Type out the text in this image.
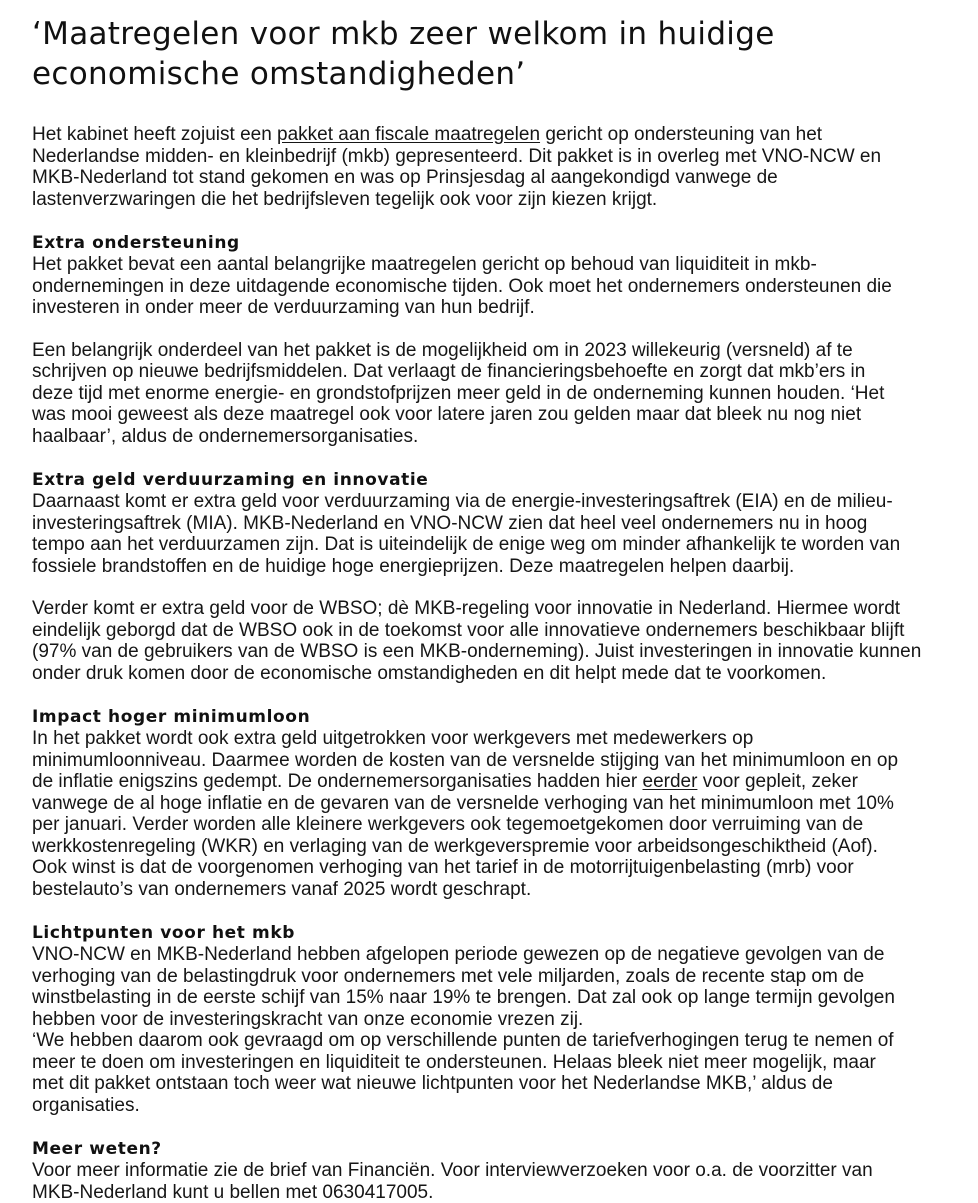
‘Maatregelen voor mkb zeer welkom in huidige
economische omstandigheden’

Het kabinet heeft zojuist een pakket aan fiscale maatregelen gericht op ondersteuning van het
Nederlandse midden- en kleinbedrijf (mkb) gepresenteerd. Dit pakket is in overleg met VNO-NCW en
MKB-Nederland tot stand gekomen en was op Prinsjesdag al aangekondigd vanwege de
lastenverzwaringen die het bedrijfsleven tegelijk ook voor zijn kiezen krijgt.

Extra ondersteuning

Het pakket bevat een aantal belangrijke maatregelen gericht op behoud van liquiditeit in mkb-
ondernemingen in deze uitdagende economische tijden. Ook moet het ondernemers ondersteunen die
investeren in onder meer de verduurzaming van hun bedrijf.

Een belangrijk onderdeel van het pakket is de mogelijkheid om in 2023 willekeurig (versneld) af te
schrijven op nieuwe bedrijfsmiddelen. Dat verlaagt de financieringsbehoefte en zorgt dat mkb’ers in
deze tijd met enorme energie- en grondstofprijzen meer geld in de onderneming kunnen houden. ‘Het
was mooi geweest als deze maatregel ook voor latere jaren zou gelden maar dat bleek nu nog niet
haalbaar’, aldus de ondernemersorganisaties.

Extra geld verduurzaming en innovatie

Daarnaast komt er extra geld voor verduurzaming via de energie-investeringsaftrek (EIA) en de milieu-
investeringsaftrek (MIA). MKB-Nederland en VNO-NCW zien dat heel veel ondernemers nu in hoog
tempo aan het verduurzamen zijn. Dat is uiteindelijk de enige weg om minder afhankelijk te worden van
fossiele brandstoffen en de huidige hoge energieprijzen. Deze maatregelen helpen daarbij.

Verder komt er extra geld voor de WBSO; dè MKB-regeling voor innovatie in Nederland. Hiermee wordt
eindelijk geborgd dat de WBSO ook in de toekomst voor alle innovatieve ondernemers beschikbaar blijft
(97% van de gebruikers van de WBSO is een MKB-onderneming). Juist investeringen in innovatie kunnen
onder druk komen door de economische omstandigheden en dit helpt mede dat te voorkomen.

Impact hoger minimumloon

In het pakket wordt ook extra geld uitgetrokken voor werkgevers met medewerkers op
minimumloonniveau. Daarmee worden de kosten van de versnelde stijging van het minimumloon en op
de inflatie enigszins gedempt. De ondernemersorganisaties hadden hier eerder voor gepleit, zeker
vanwege de al hoge inflatie en de gevaren van de versnelde verhoging van het minimumloon met 10%
per januari. Verder worden alle kleinere werkgevers ook tegemoetgekomen door verruiming van de
werkkostenregeling (WKR) en verlaging van de werkgeverspremie voor arbeidsongeschiktheid (Aof).
Ook winst is dat de voorgenomen verhoging van het tarief in de motorrijtuigenbelasting (mrb) voor
bestelauto’s van ondernemers vanaf 2025 wordt geschrapt.

Lichtpunten voor het mkb

VNO-NCW en MKB-Nederland hebben afgelopen periode gewezen op de negatieve gevolgen van de
verhoging van de belastingdruk voor ondernemers met vele miljarden, zoals de recente stap om de
winstbelasting in de eerste schijf van 15% naar 19% te brengen. Dat zal ook op lange termijn gevolgen
hebben voor de investeringskracht van onze economie vrezen zij.
‘We hebben daarom ook gevraagd om op verschillende punten de tariefverhogingen terug te nemen of
meer te doen om investeringen en liquiditeit te ondersteunen. Helaas bleek niet meer mogelijk, maar
met dit pakket ontstaan toch weer wat nieuwe lichtpunten voor het Nederlandse MKB,’ aldus de
organisaties.

Meer weten?

Voor meer informatie zie de brief van Financiën. Voor interviewverzoeken voor o.a. de voorzitter van
MKB-Nederland kunt u bellen met 0630417005.
